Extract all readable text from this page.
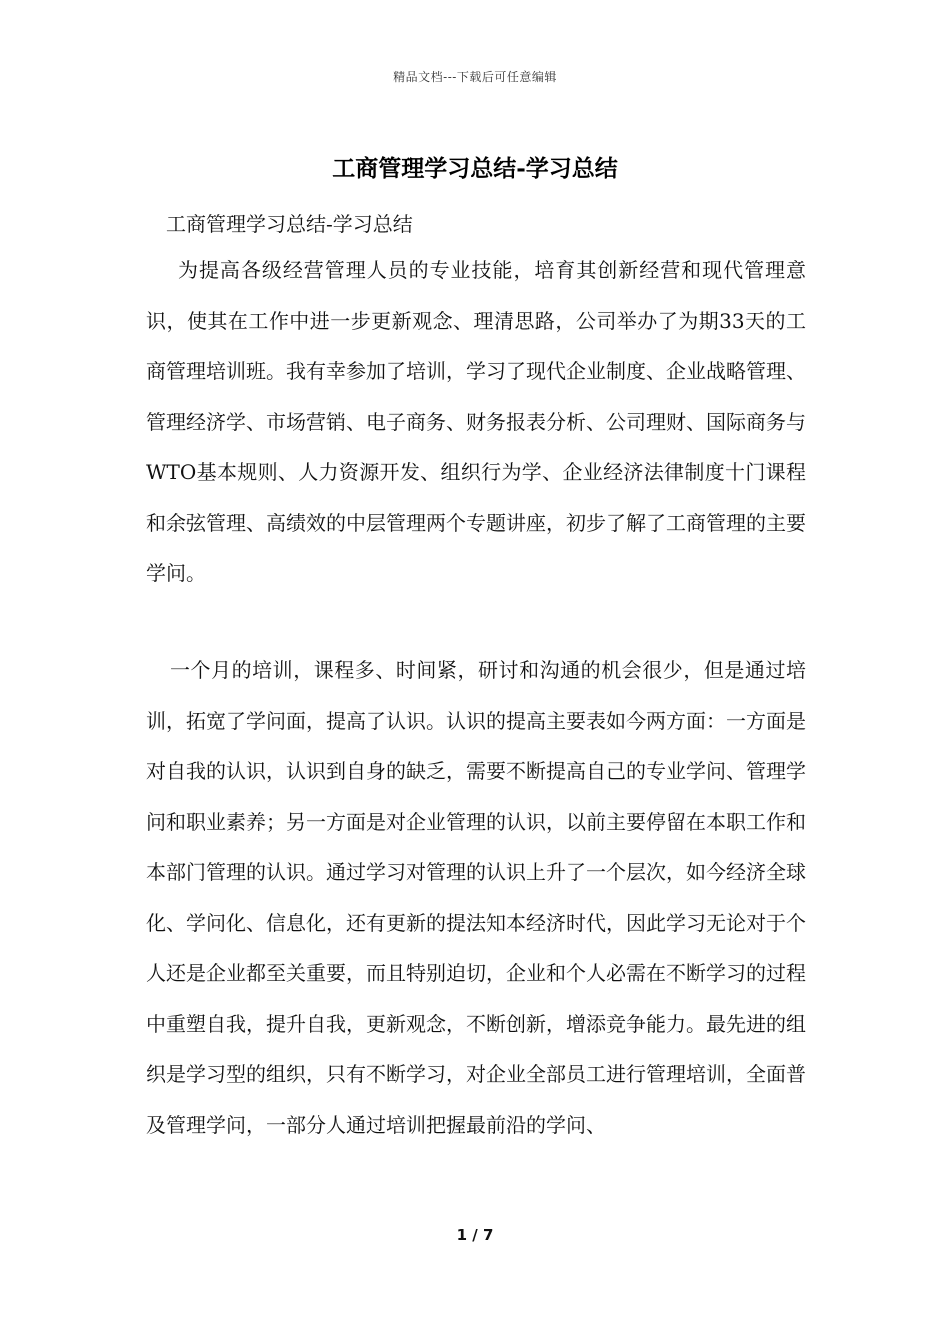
精品文档---下载后可任意编辑
工商管理学习总结-学习总结
工商管理学习总结-学习总结

为提高各级经营管理人员的专业技能，培育其创新经营和现代管理意识，使其在工作中进一步更新观念、理清思路，公司举办了为期33天的工商管理培训班。我有幸参加了培训，学习了现代企业制度、企业战略管理、管理经济学、市场营销、电子商务、财务报表分析、公司理财、国际商务与WTO基本规则、人力资源开发、组织行为学、企业经济法律制度十门课程和余弦管理、高绩效的中层管理两个专题讲座，初步了解了工商管理的主要学问。

一个月的培训，课程多、时间紧，研讨和沟通的机会很少，但是通过培训，拓宽了学问面，提高了认识。认识的提高主要表如今两方面：一方面是对自我的认识，认识到自身的缺乏，需要不断提高自己的专业学问、管理学问和职业素养；另一方面是对企业管理的认识，以前主要停留在本职工作和本部门管理的认识。通过学习对管理的认识上升了一个层次，如今经济全球化、学问化、信息化，还有更新的提法知本经济时代，因此学习无论对于个人还是企业都至关重要，而且特别迫切，企业和个人必需在不断学习的过程中重塑自我，提升自我，更新观念，不断创新，增添竞争能力。最先进的组织是学习型的组织，只有不断学习，对企业全部员工进行管理培训，全面普及管理学问，一部分人通过培训把握最前沿的学问、

1 / 7
